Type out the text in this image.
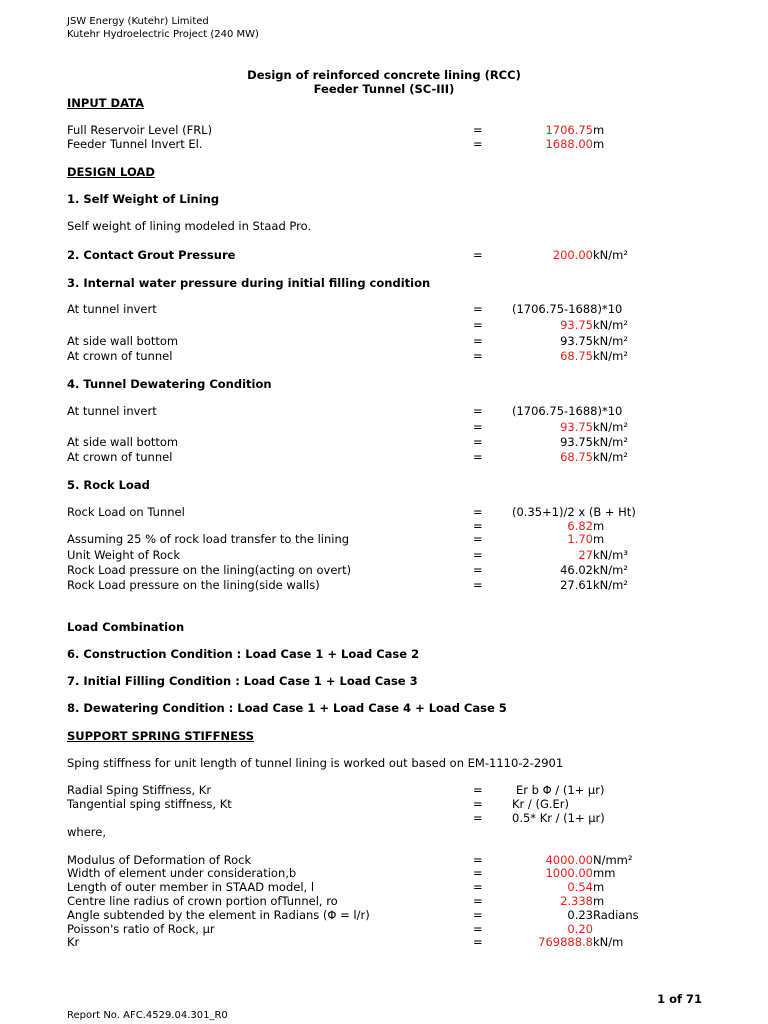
JSW Energy (Kutehr) Limited
Kutehr Hydroelectric Project (240 MW)
Design of reinforced concrete lining (RCC)
Feeder Tunnel (SC-III)
INPUT DATA
Full Reservoir Level (FRL)	=	1706.75 m
Feeder Tunnel Invert El.	=	1688.00 m
DESIGN LOAD
1. Self Weight of Lining
Self weight of lining modeled in Staad Pro.
2. Contact Grout Pressure	=	200.00 kN/m²
3. Internal water pressure during initial filling condition
At tunnel invert	=	(1706.75-1688)*10
=	93.75 kN/m²
At side wall bottom	=	93.75 kN/m²
At crown of tunnel	=	68.75 kN/m²
4. Tunnel Dewatering Condition
At tunnel invert	=	(1706.75-1688)*10
=	93.75 kN/m²
At side wall bottom	=	93.75 kN/m²
At crown of tunnel	=	68.75 kN/m²
5. Rock Load
Rock Load on Tunnel	=	(0.35+1)/2 x (B + Ht)
=	6.82 m
Assuming 25 % of rock load transfer to the lining	=	1.70 m
Unit Weight of Rock	=	27 kN/m³
Rock Load pressure on the lining(acting on overt)	=	46.02 kN/m²
Rock Load pressure on the lining(side walls)	=	27.61 kN/m²
Load Combination
6. Construction Condition : Load Case 1 + Load Case 2
7. Initial Filling Condition : Load Case 1 + Load Case 3
8. Dewatering Condition : Load Case 1 + Load Case 4 + Load Case 5
SUPPORT SPRING STIFFNESS
Sping stiffness for unit length of tunnel lining is worked out based on EM-1110-2-2901
Radial Sping Stiffness, Kr	=	Er b Φ / (1+ μr)
Tangential sping stiffness, Kt	=	Kr / (G.Er)
=	0.5* Kr / (1+ μr)
where,
Modulus of Deformation of Rock	=	4000.00 N/mm²
Width of element under consideration,b	=	1000.00 mm
Length of outer member in STAAD model, l	=	0.54 m
Centre line radius of crown portion ofTunnel, ro	=	2.338 m
Angle subtended by the element in Radians (Φ = l/r)	=	0.23 Radians
Poisson's ratio of Rock, μr	=	0.20
Kr	=	769888.8 kN/m
Report No. AFC.4529.04.301_R0
1 of 71
